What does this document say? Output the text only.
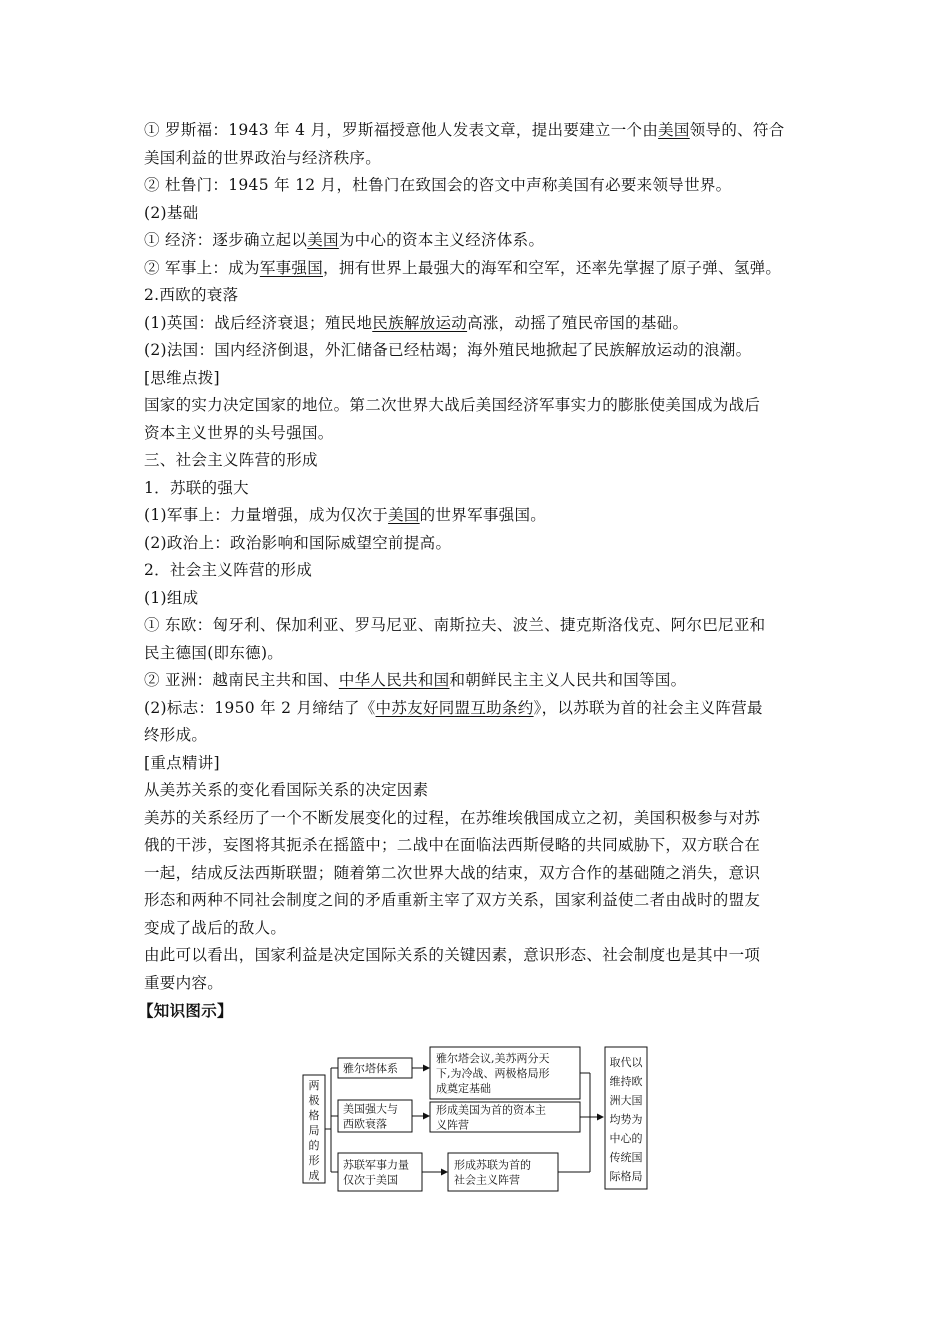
① 罗斯福：1943 年 4 月，罗斯福授意他人发表文章，提出要建立一个由美国领导的、符合
美国利益的世界政治与经济秩序。
② 杜鲁门：1945 年 12 月，杜鲁门在致国会的咨文中声称美国有必要来领导世界。
(2)基础
① 经济：逐步确立起以美国为中心的资本主义经济体系。
② 军事上：成为军事强国，拥有世界上最强大的海军和空军，还率先掌握了原子弹、氢弹。
2.西欧的衰落
(1)英国：战后经济衰退；殖民地民族解放运动高涨，动摇了殖民帝国的基础。
(2)法国：国内经济倒退，外汇储备已经枯竭；海外殖民地掀起了民族解放运动的浪潮。
[思维点拨]
国家的实力决定国家的地位。第二次世界大战后美国经济军事实力的膨胀使美国成为战后
资本主义世界的头号强国。
三、社会主义阵营的形成
1．苏联的强大
(1)军事上：力量增强，成为仅次于美国的世界军事强国。
(2)政治上：政治影响和国际威望空前提高。
2．社会主义阵营的形成
(1)组成
① 东欧：匈牙利、保加利亚、罗马尼亚、南斯拉夫、波兰、捷克斯洛伐克、阿尔巴尼亚和
民主德国(即东德)。
② 亚洲：越南民主共和国、中华人民共和国和朝鲜民主主义人民共和国等国。
(2)标志：1950 年 2 月缔结了《中苏友好同盟互助条约》，以苏联为首的社会主义阵营最
终形成。
[重点精讲]
从美苏关系的变化看国际关系的决定因素
美苏的关系经历了一个不断发展变化的过程，在苏维埃俄国成立之初，美国积极参与对苏
俄的干涉，妄图将其扼杀在摇篮中；二战中在面临法西斯侵略的共同威胁下，双方联合在
一起，结成反法西斯联盟；随着第二次世界大战的结束，双方合作的基础随之消失，意识
形态和两种不同社会制度之间的矛盾重新主宰了双方关系，国家利益使二者由战时的盟友
变成了战后的敌人。
由此可以看出，国家利益是决定国际关系的关键因素，意识形态、社会制度也是其中一项
重要内容。
【知识图示】
两
极
格
局
的
形
成
雅尔塔体系
雅尔塔会议,美苏两分天
下,为冷战、两极格局形
成奠定基础
美国强大与
西欧衰落
形成美国为首的资本主
义阵营
苏联军事力量
仅次于美国
形成苏联为首的
社会主义阵营
取代以
维持欧
洲大国
均势为
中心的
传统国
际格局
